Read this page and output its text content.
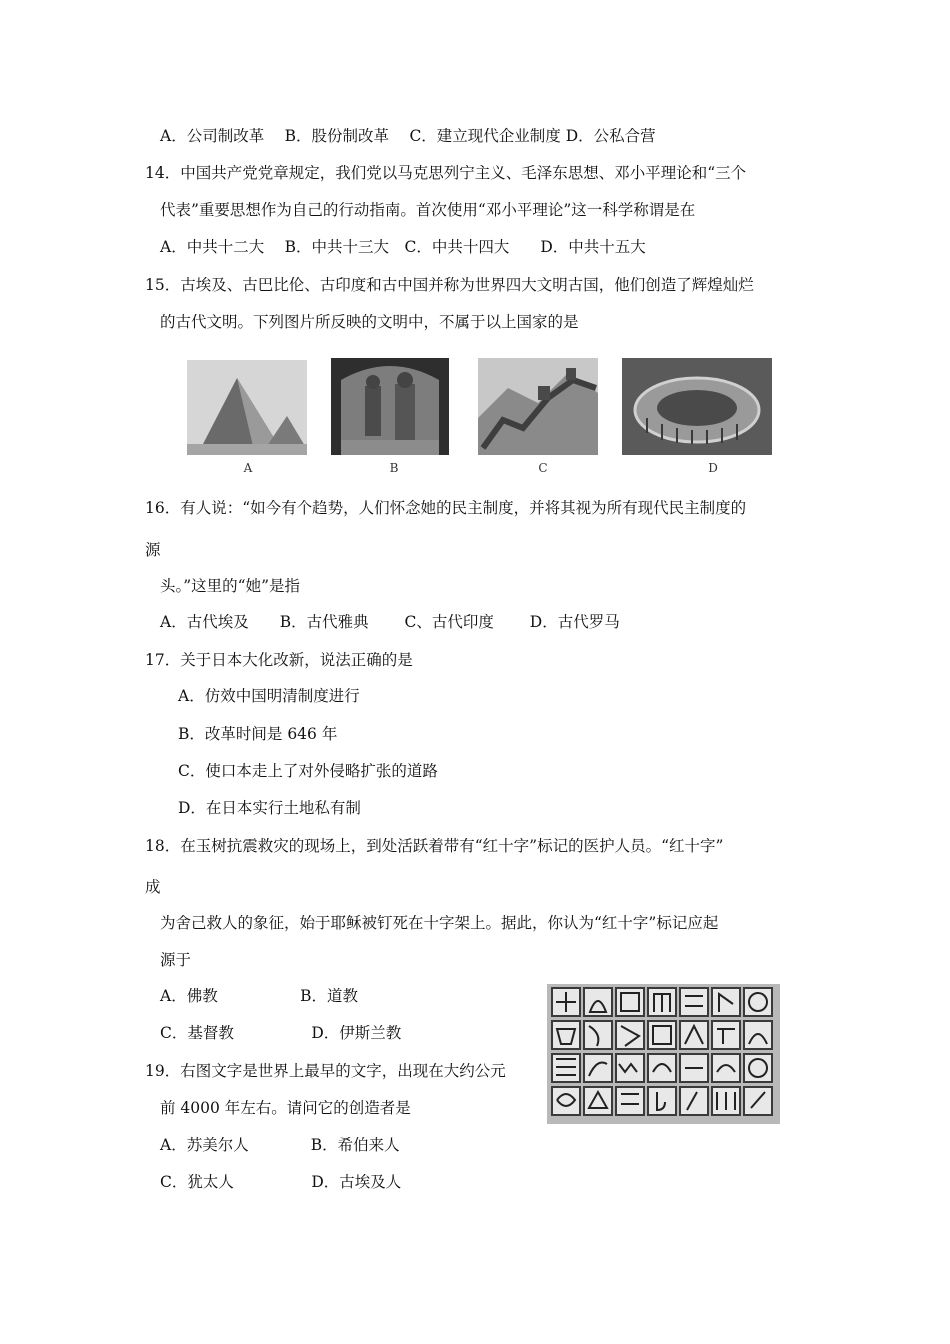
A．公司制改革　 B．股份制改革　 C．建立现代企业制度 D．公私合营
14．中国共产党党章规定，我们党以马克思列宁主义、毛泽东思想、邓小平理论和“三个
代表”重要思想作为自己的行动指南。首次使用“邓小平理论”这一科学称谓是在
A．中共十二大　 B．中共十三大　C．中共十四大　　D．中共十五大
15．古埃及、古巴比伦、古印度和古中国并称为世界四大文明古国，他们创造了辉煌灿烂
的古代文明。下列图片所反映的文明中，不属于以上国家的是
A	B	C	D
16．有人说：“如今有个趋势，人们怀念她的民主制度，并将其视为所有现代民主制度的
源
头。”这里的“她”是指
A．古代埃及　　B．古代雅典　　 C、古代印度　　 D．古代罗马
17．关于日本大化改新，说法正确的是
A．仿效中国明清制度进行
B．改革时间是 646 年
C．使口本走上了对外侵略扩张的道路
D．在日本实行土地私有制
18．在玉树抗震救灾的现场上，到处活跃着带有“红十字”标记的医护人员。“红十字”
成
为舍己救人的象征，始于耶稣被钉死在十字架上。据此，你认为“红十字”标记应起
源于
A．佛教　　　　　 B．道教
C．基督教　　　　　D．伊斯兰教
19．右图文字是世界上最早的文字，出现在大约公元
前 4000 年左右。请问它的创造者是
A．苏美尔人　　　　B．希伯来人
C．犹太人　　　　　D．古埃及人
